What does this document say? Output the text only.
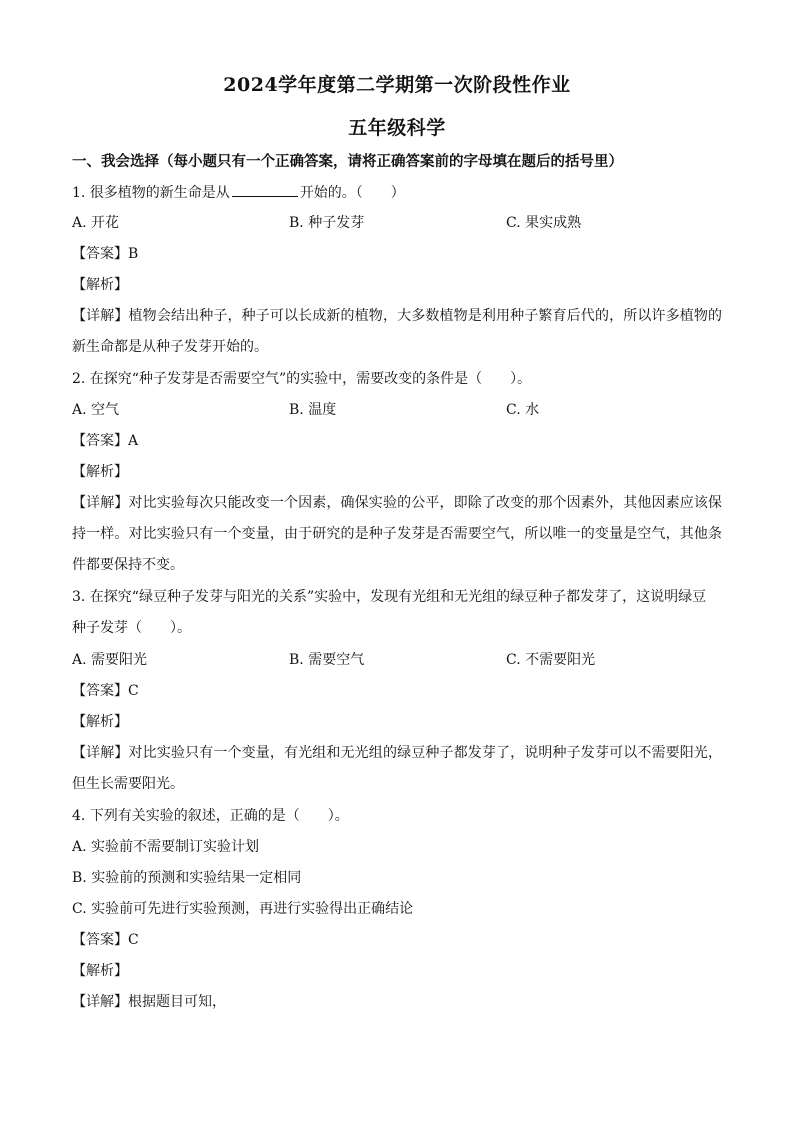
2024学年度第二学期第一次阶段性作业
五年级科学
一、我会选择（每小题只有一个正确答案，请将正确答案前的字母填在题后的括号里）
1. 很多植物的新生命是从	开始的。（　　）
A. 开花	B. 种子发芽	C. 果实成熟
【答案】B
【解析】
【详解】植物会结出种子，种子可以长成新的植物，大多数植物是利用种子繁育后代的，所以许多植物的新生命都是从种子发芽开始的。
2. 在探究“种子发芽是否需要空气”的实验中，需要改变的条件是（　　）。
A. 空气	B. 温度	C. 水
【答案】A
【解析】
【详解】对比实验每次只能改变一个因素，确保实验的公平，即除了改变的那个因素外，其他因素应该保持一样。对比实验只有一个变量，由于研究的是种子发芽是否需要空气，所以唯一的变量是空气，其他条件都要保持不变。
3. 在探究“绿豆种子发芽与阳光的关系”实验中，发现有光组和无光组的绿豆种子都发芽了，这说明绿豆
种子发芽（　　）。
A. 需要阳光	B. 需要空气	C. 不需要阳光
【答案】C
【解析】
【详解】对比实验只有一个变量，有光组和无光组的绿豆种子都发芽了，说明种子发芽可以不需要阳光，但生长需要阳光。
4. 下列有关实验的叙述，正确的是（　　）。
A. 实验前不需要制订实验计划
B. 实验前的预测和实验结果一定相同
C. 实验前可先进行实验预测，再进行实验得出正确结论
【答案】C
【解析】
【详解】根据题目可知，
